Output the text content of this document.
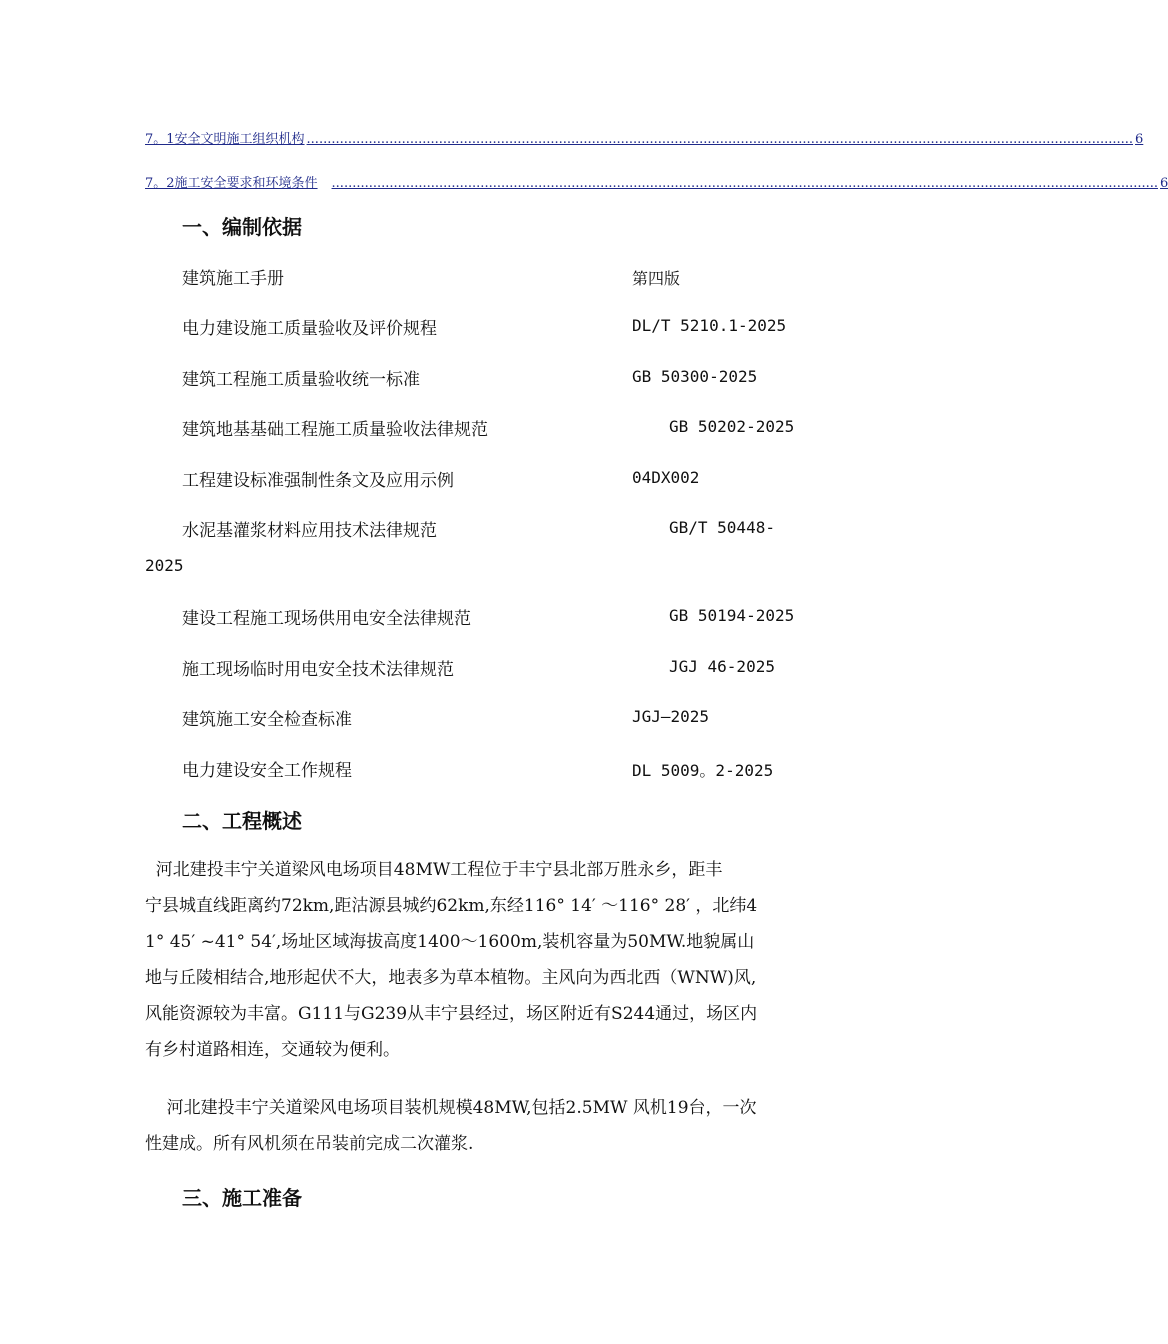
7。1安全文明施工组织机构 ........................................................................................................................................................................................................ 6
7。2施工安全要求和环境条件 ........................................................................................................................................................................................................ 6
一、编制依据
建筑施工手册	第四版
电力建设施工质量验收及评价规程	DL/T 5210.1-2025
建筑工程施工质量验收统一标准	GB 50300-2025
建筑地基基础工程施工质量验收法律规范	GB 50202-2025
工程建设标准强制性条文及应用示例	04DX002
水泥基灌浆材料应用技术法律规范	GB/T 50448-
2025
建设工程施工现场供用电安全法律规范	GB 50194-2025
施工现场临时用电安全技术法律规范	JGJ 46-2025
建筑施工安全检查标准	JGJ—2025
电力建设安全工作规程	DL 5009。2-2025
二、工程概述
河北建投丰宁关道梁风电场项目48MW工程位于丰宁县北部万胜永乡，距丰
宁县城直线距离约72km,距沽源县城约62km,东经116° 14′ ～116° 28′ ，北纬4
1° 45′ ~41° 54′,场址区域海拔高度1400～1600m,装机容量为50MW.地貌属山
地与丘陵相结合,地形起伏不大，地表多为草本植物。主风向为西北西（WNW)风,
风能资源较为丰富。G111与G239从丰宁县经过，场区附近有S244通过，场区内
有乡村道路相连，交通较为便利。
河北建投丰宁关道梁风电场项目装机规模48MW,包括2.5MW 风机19台，一次
性建成。所有风机须在吊装前完成二次灌浆.
三、施工准备
